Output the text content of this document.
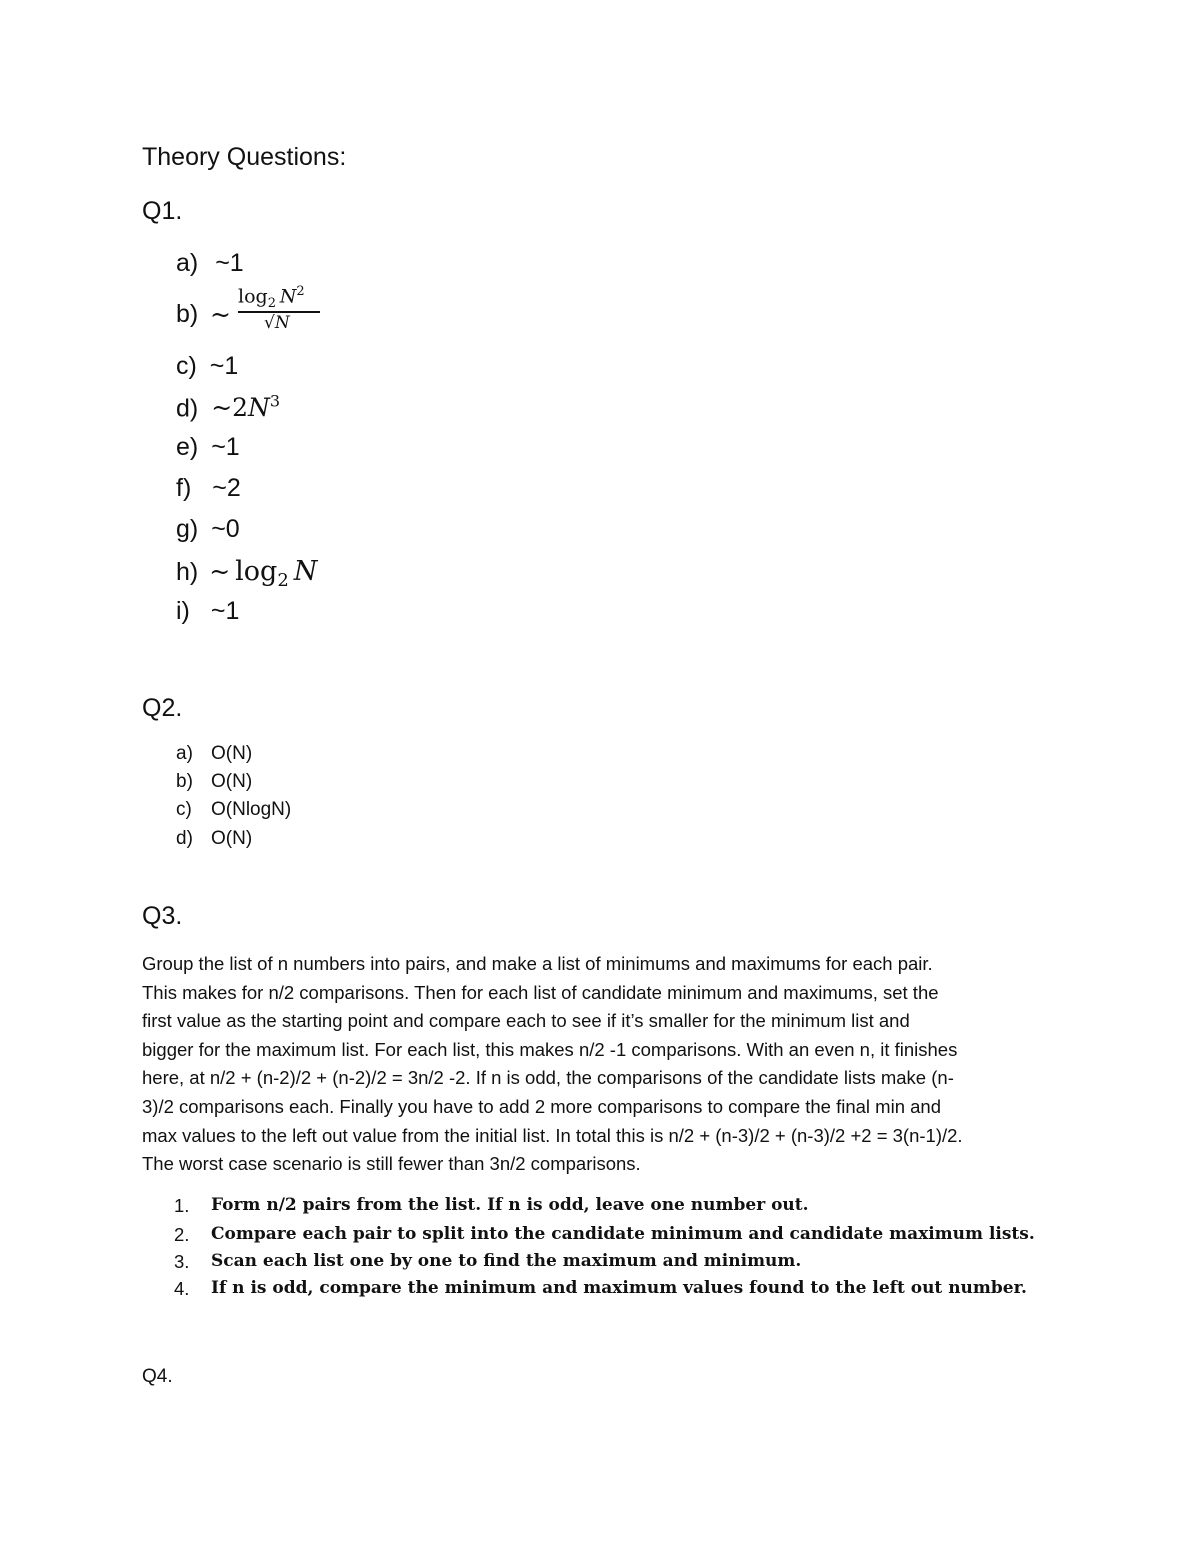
Theory Questions:
Q1.
a) ~1
b) ~
$\log_2 N^2$
√N
c) ~1
d) $\sim 2N^3$
e) ~1
f) ~2
g) ~0
h) ~  $\log_2 N$
i) ~1
Q2.
a) O(N)
b) O(N)
c) O(NlogN)
d) O(N)
Q3.
Group the list of n numbers into pairs, and make a list of minimums and maximums for each pair.
This makes for n/2 comparisons. Then for each list of candidate minimum and maximums, set the
first value as the starting point and compare each to see if it’s smaller for the minimum list and
bigger for the maximum list. For each list, this makes n/2 -1 comparisons. With an even n, it finishes
here, at n/2 + (n-2)/2 + (n-2)/2 = 3n/2 -2. If n is odd, the comparisons of the candidate lists make (n-
3)/2 comparisons each. Finally you have to add 2 more comparisons to compare the final min and
max values to the left out value from the initial list. In total this is n/2 + (n-3)/2 + (n-3)/2 +2 = 3(n-1)/2.
The worst case scenario is still fewer than 3n/2 comparisons.
1. Form n/2 pairs from the list. If n is odd, leave one number out.
2. Compare each pair to split into the candidate minimum and candidate maximum lists.
3. Scan each list one by one to find the maximum and minimum.
4. If n is odd, compare the minimum and maximum values found to the left out number.
Q4.
